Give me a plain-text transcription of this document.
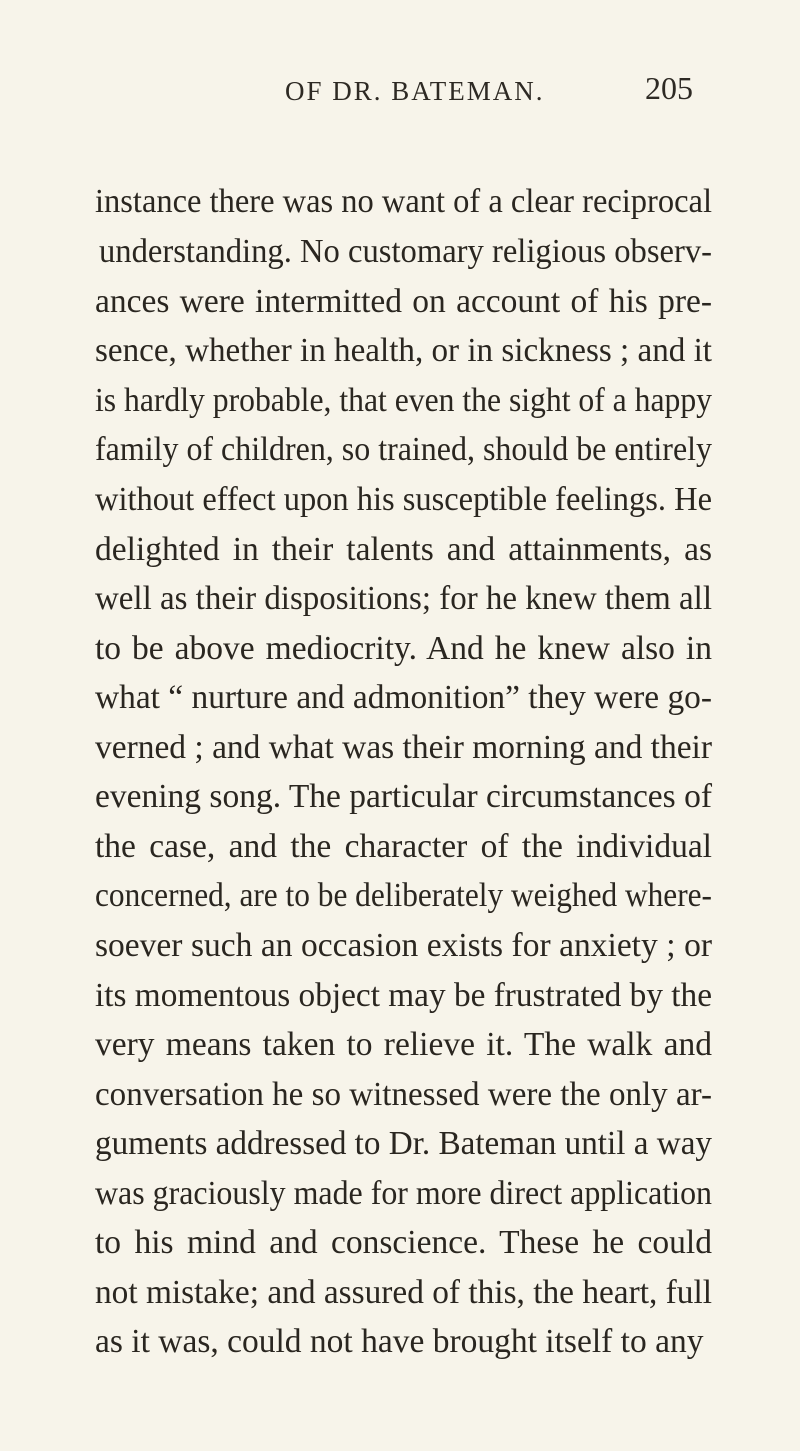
OF DR. BATEMAN.	205
instance there was no want of a clear reciprocal
understanding. No customary religious observ-
ances were intermitted on account of his pre-
sence, whether in health, or in sickness ; and it
is hardly probable, that even the sight of a happy
family of children, so trained, should be entirely
without effect upon his susceptible feelings. He
delighted in their talents and attainments, as
well as their dispositions; for he knew them all
to be above mediocrity. And he knew also in
what “ nurture and admonition” they were go-
verned ; and what was their morning and their
evening song. The particular circumstances of
the case, and the character of the individual
concerned, are to be deliberately weighed where-
soever such an occasion exists for anxiety ; or
its momentous object may be frustrated by the
very means taken to relieve it. The walk and
conversation he so witnessed were the only ar-
guments addressed to Dr. Bateman until a way
was graciously made for more direct application
to his mind and conscience. These he could
not mistake; and assured of this, the heart, full
as it was, could not have brought itself to any
